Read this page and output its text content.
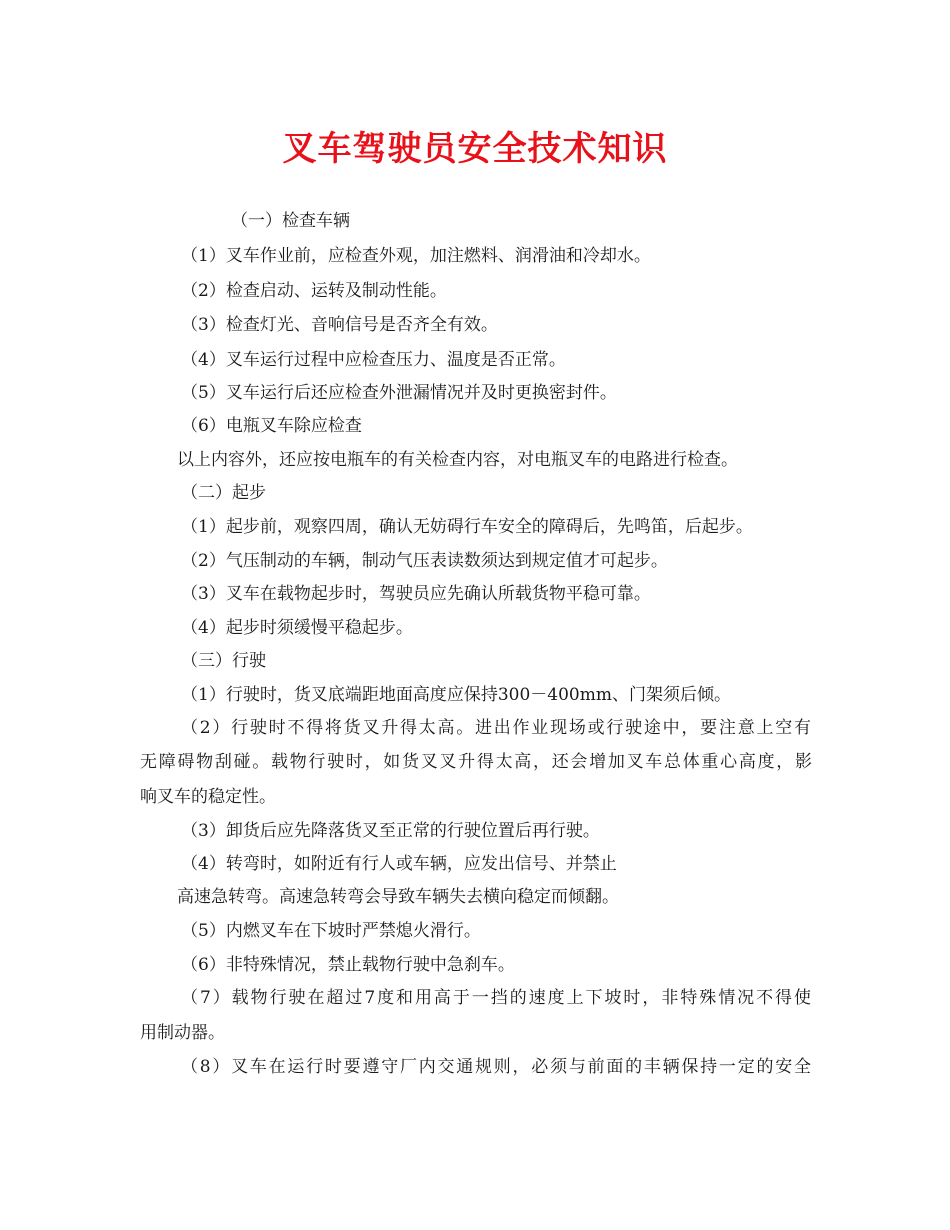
叉车驾驶员安全技术知识
（一）检查车辆
（1）叉车作业前，应检查外观，加注燃料、润滑油和冷却水。
（2）检查启动、运转及制动性能。
（3）检查灯光、音响信号是否齐全有效。
（4）叉车运行过程中应检查压力、温度是否正常。
（5）叉车运行后还应检查外泄漏情况并及时更换密封件。
（6）电瓶叉车除应检查
以上内容外，还应按电瓶车的有关检查内容，对电瓶叉车的电路进行检查。
（二）起步
（1）起步前，观察四周，确认无妨碍行车安全的障碍后，先鸣笛，后起步。
（2）气压制动的车辆，制动气压表读数须达到规定值才可起步。
（3）叉车在载物起步时，驾驶员应先确认所载货物平稳可靠。
（4）起步时须缓慢平稳起步。
（三）行驶
（1）行驶时，货叉底端距地面高度应保持300－400mm、门架须后倾。
（2）行驶时不得将货叉升得太高。进出作业现场或行驶途中，要注意上空有
无障碍物刮碰。载物行驶时，如货叉叉升得太高，还会增加叉车总体重心高度，影
响叉车的稳定性。
（3）卸货后应先降落货叉至正常的行驶位置后再行驶。
（4）转弯时，如附近有行人或车辆，应发出信号、并禁止
高速急转弯。高速急转弯会导致车辆失去横向稳定而倾翻。
（5）内燃叉车在下坡时严禁熄火滑行。
（6）非特殊情况，禁止载物行驶中急刹车。
（7）载物行驶在超过7度和用高于一挡的速度上下坡时，非特殊情况不得使
用制动器。
（8）叉车在运行时要遵守厂内交通规则，必须与前面的丰辆保持一定的安全
